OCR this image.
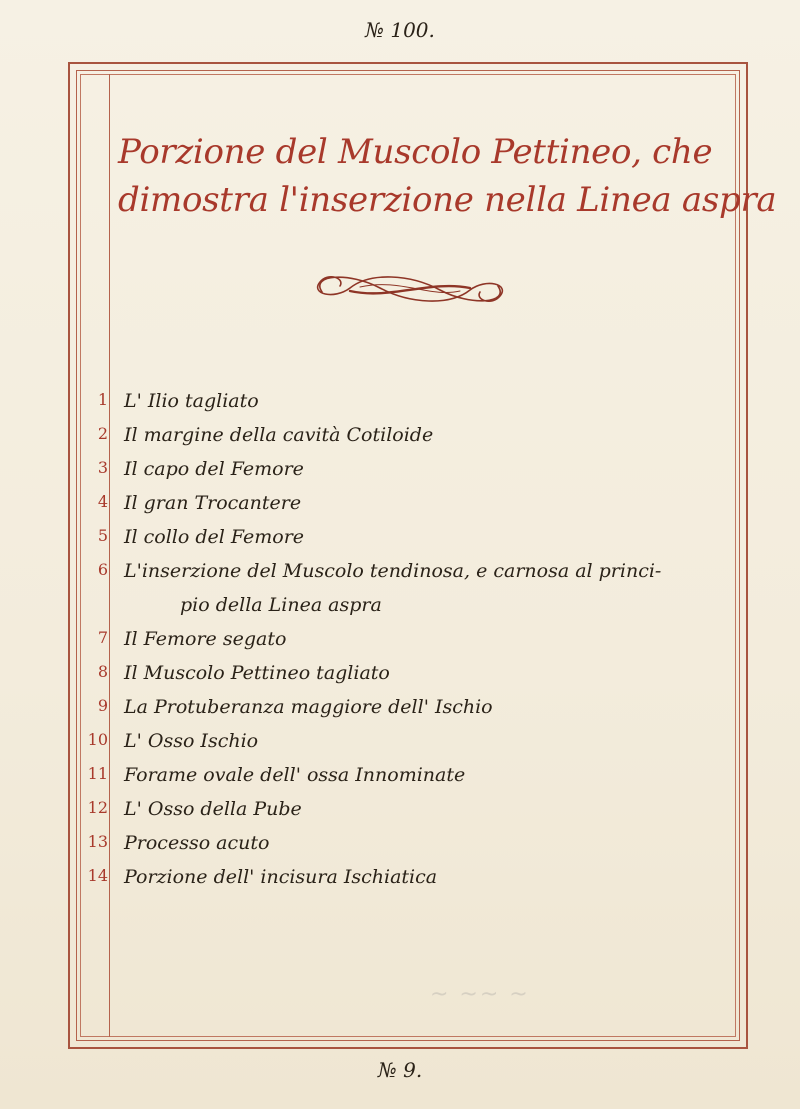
№ 100.
Porzione del Muscolo Pettineo, che
dimostra l'inserzione nella Linea aspra
1 L' Ilio tagliato
2 Il margine della cavità Cotiloide
3 Il capo del Femore
4 Il gran Trocantere
5 Il collo del Femore
6 L'inserzione del Muscolo tendinosa, e carnosa al princi-
pio della Linea aspra
7 Il Femore segato
8 Il Muscolo Pettineo tagliato
9 La Protuberanza maggiore dell' Ischio
10 L' Osso Ischio
11 Forame ovale dell' ossa Innominate
12 L' Osso della Pube
13 Processo acuto
14 Porzione dell' incisura Ischiatica
~ ~~ ~
№ 9.
